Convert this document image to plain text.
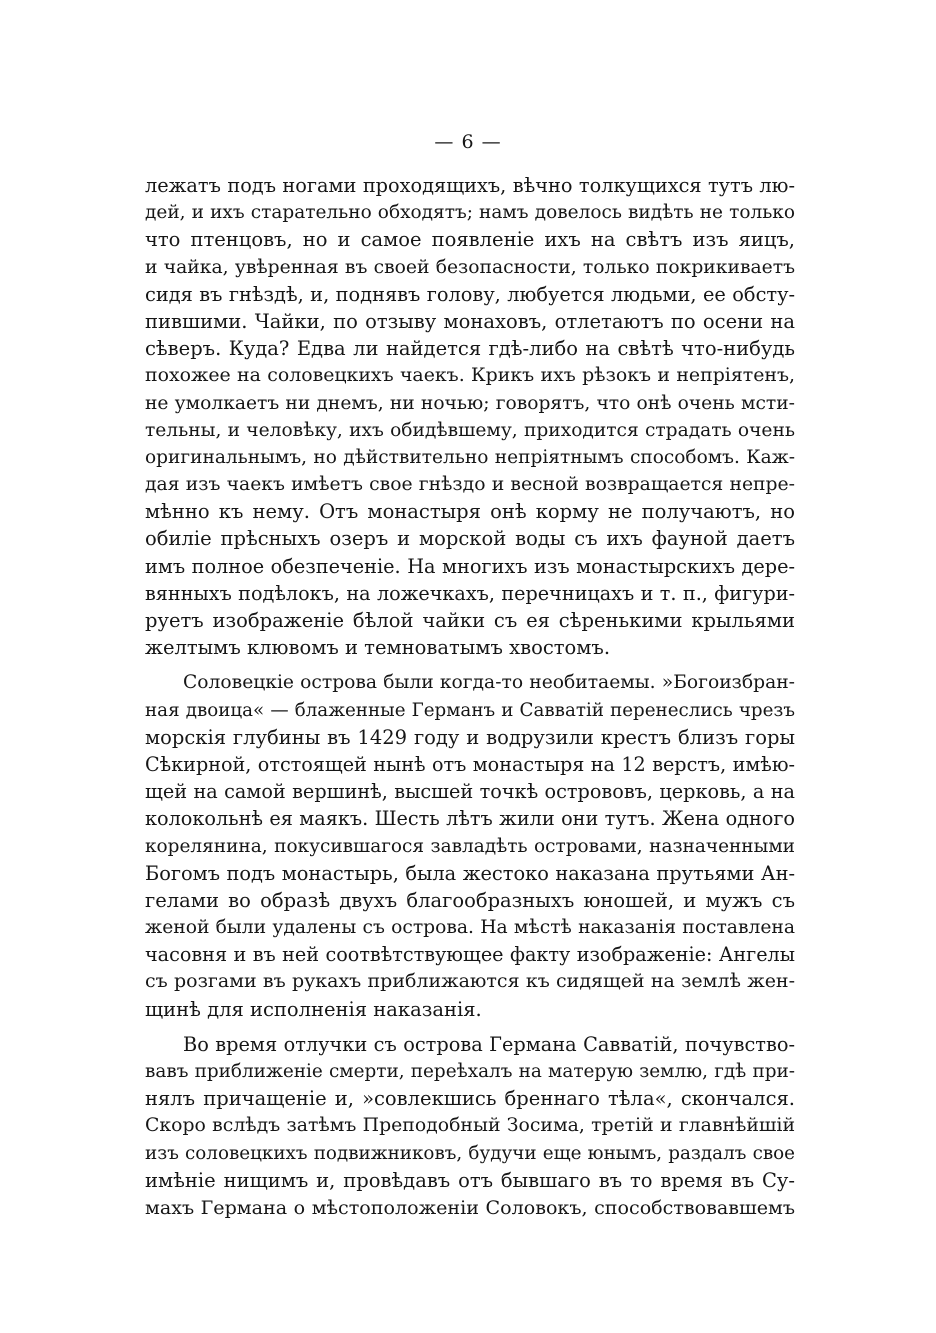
— 6 —
лежатъ подъ ногами проходящихъ, вѣчно толкущихся тутъ лю-
дей, и ихъ старательно обходятъ; намъ довелось видѣть не только
что птенцовъ, но и самое появленіе ихъ на свѣтъ изъ яицъ,
и чайка, увѣренная въ своей безопасности, только покрикиваетъ
сидя въ гнѣздѣ, и, поднявъ голову, любуется людьми, ее обсту-
пившими. Чайки, по отзыву монаховъ, отлетаютъ по осени на
сѣверъ. Куда? Едва ли найдется гдѣ-либо на свѣтѣ что-нибудь
похожее на соловецкихъ чаекъ. Крикъ ихъ рѣзокъ и непріятенъ,
не умолкаетъ ни днемъ, ни ночью; говорятъ, что онѣ очень мсти-
тельны, и человѣку, ихъ обидѣвшему, приходится страдать очень
оригинальнымъ, но дѣйствительно непріятнымъ способомъ. Каж-
дая изъ чаекъ имѣетъ свое гнѣздо и весной возвращается непре-
мѣнно къ нему. Отъ монастыря онѣ корму не получаютъ, но
обиліе прѣсныхъ озеръ и морской воды съ ихъ фауной даетъ
имъ полное обезпеченіе. На многихъ изъ монастырскихъ дере-
вянныхъ подѣлокъ, на ложечкахъ, перечницахъ и т. п., фигури-
руетъ изображеніе бѣлой чайки съ ея сѣренькими крыльями
желтымъ клювомъ и темноватымъ хвостомъ.
Соловецкіе острова были когда-то необитаемы. »Богоизбран-
ная двоица« — блаженные Германъ и Савватій перенеслись чрезъ
морскія глубины въ 1429 году и водрузили крестъ близъ горы
Сѣкирной, отстоящей нынѣ отъ монастыря на 12 верстъ, имѣю-
щей на самой вершинѣ, высшей точкѣ острововъ, церковь, а на
колокольнѣ ея маякъ. Шесть лѣтъ жили они тутъ. Жена одного
корелянина, покусившагося завладѣть островами, назначенными
Богомъ подъ монастырь, была жестоко наказана прутьями Ан-
гелами во образѣ двухъ благообразныхъ юношей, и мужъ съ
женой были удалены съ острова. На мѣстѣ наказанія поставлена
часовня и въ ней соотвѣтствующее факту изображеніе: Ангелы
съ розгами въ рукахъ приближаются къ сидящей на землѣ жен-
щинѣ для исполненія наказанія.
Во время отлучки съ острова Германа Савватій, почувство-
вавъ приближеніе смерти, переѣхалъ на матерую землю, гдѣ при-
нялъ причащеніе и, »совлекшись бреннаго тѣла«, скончался.
Скоро вслѣдъ затѣмъ Преподобный Зосима, третій и главнѣйшій
изъ соловецкихъ подвижниковъ, будучи еще юнымъ, раздалъ свое
имѣніе нищимъ и, провѣдавъ отъ бывшаго въ то время въ Су-
махъ Германа о мѣстоположеніи Соловокъ, способствовавшемъ
